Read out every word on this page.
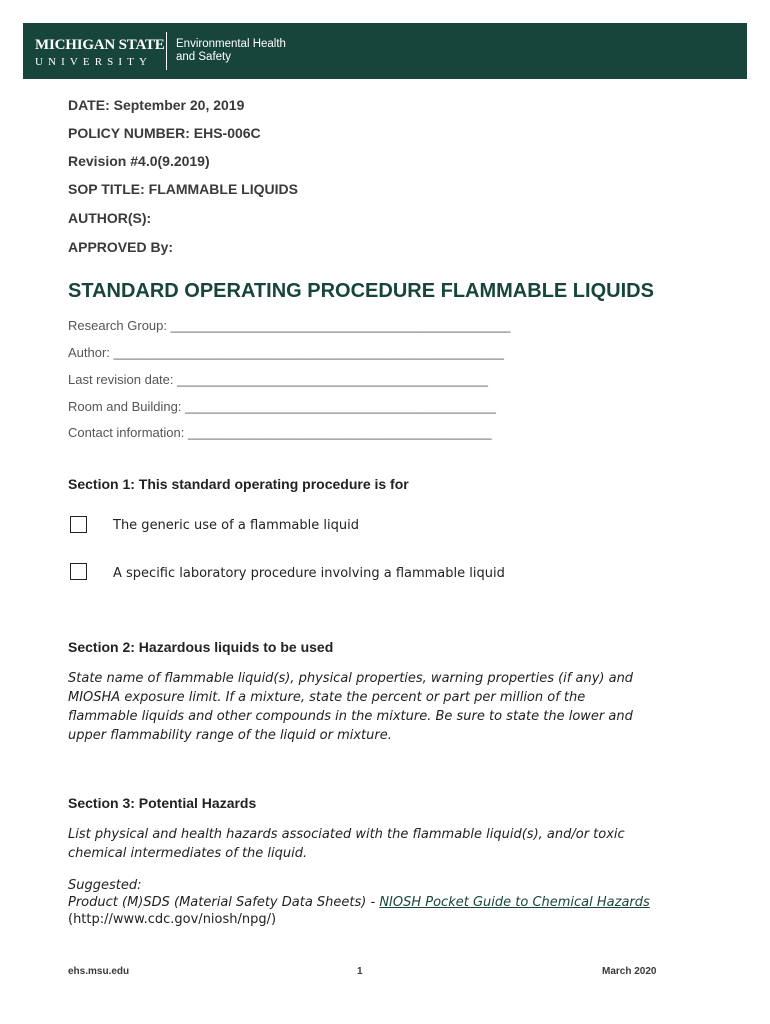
MICHIGAN STATE
UNIVERSITY
Environmental Health
and Safety
DATE: September 20, 2019
POLICY NUMBER: EHS-006C
Revision #4.0(9.2019)
SOP TITLE: FLAMMABLE LIQUIDS
AUTHOR(S):
APPROVED By:
STANDARD OPERATING PROCEDURE FLAMMABLE LIQUIDS
Research Group: _______________________________________________
Author: ______________________________________________________
Last revision date: ___________________________________________
Room and Building: ___________________________________________
Contact information: __________________________________________
Section 1: This standard operating procedure is for
The generic use of a flammable liquid
A specific laboratory procedure involving a flammable liquid
Section 2: Hazardous liquids to be used

State name of flammable liquid(s), physical properties, warning properties (if any) and

MIOSHA exposure limit. If a mixture, state the percent or part per million of the

flammable liquids and other compounds in the mixture. Be sure to state the lower and

upper flammability range of the liquid or mixture.

Section 3: Potential Hazards

List physical and health hazards associated with the flammable liquid(s), and/or toxic

chemical intermediates of the liquid.

Suggested:

Product (M)SDS (Material Safety Data Sheets) - NIOSH Pocket Guide to Chemical Hazards

(http://www.cdc.gov/niosh/npg/)

ehs.msu.edu	1	March 2020
